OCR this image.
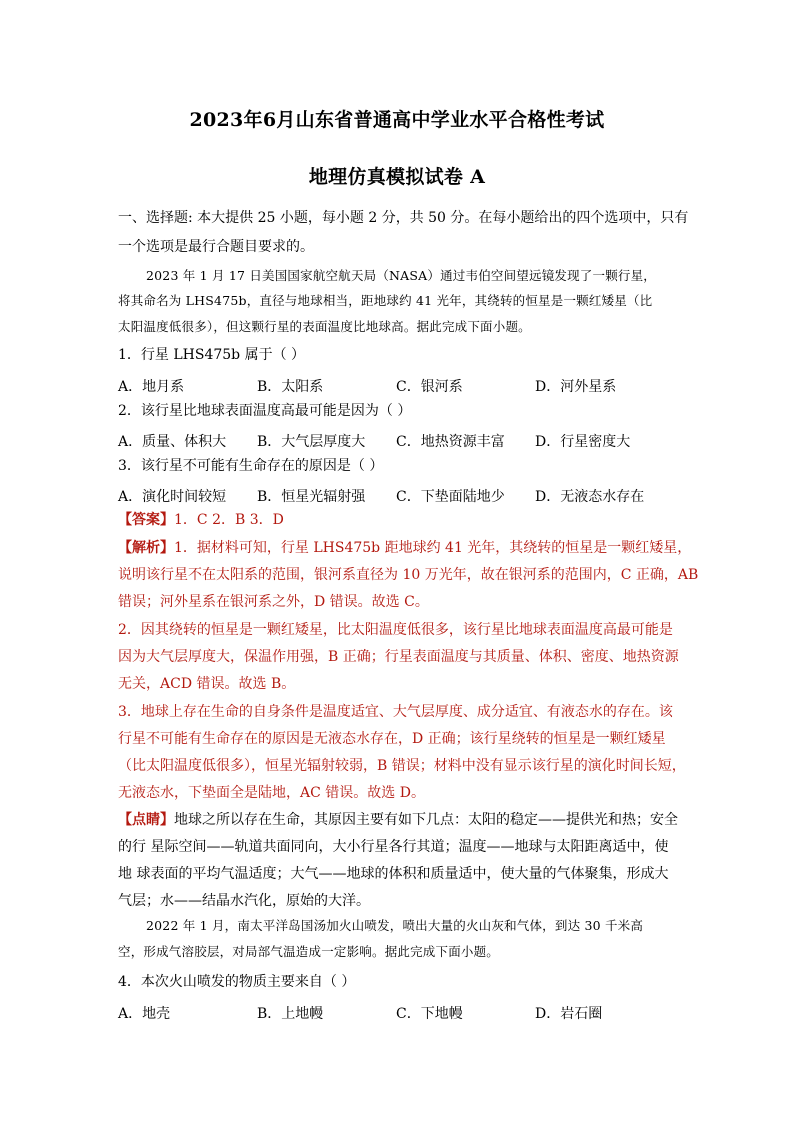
2023年6月山东省普通高中学业水平合格性考试
地理仿真模拟试卷 A
一、选择题: 本大提供 25 小题，每小题 2 分，共 50 分。在每小题给出的四个选项中，只有
一个选项是最行合题目要求的。
2023 年 1 月 17 日美国国家航空航天局（NASA）通过韦伯空间望远镜发现了一颗行星，
将其命名为 LHS475b，直径与地球相当，距地球约 41 光年，其绕转的恒星是一颗红矮星（比
太阳温度低很多），但这颗行星的表面温度比地球高。据此完成下面小题。
1．行星 LHS475b 属于（ ）
A．地月系	B．太阳系	C．银河系	D．河外星系
2．该行星比地球表面温度高最可能是因为（ ）
A．质量、体积大 B．大气层厚度大 C．地热资源丰富 D．行星密度大
3．该行星不可能有生命存在的原因是（ ）
A．演化时间较短 B．恒星光辐射强 C．下垫面陆地少 D．无液态水存在
【答案】1．C 2．B 3．D
【解析】1．据材料可知，行星 LHS475b 距地球约 41 光年，其绕转的恒星是一颗红矮星，
说明该行星不在太阳系的范围，银河系直径为 10 万光年，故在银河系的范围内，C 正确，AB
错误；河外星系在银河系之外，D 错误。故选 C。
2．因其绕转的恒星是一颗红矮星，比太阳温度低很多，该行星比地球表面温度高最可能是
因为大气层厚度大，保温作用强，B 正确；行星表面温度与其质量、体积、密度、地热资源
无关，ACD 错误。故选 B。
3．地球上存在生命的自身条件是温度适宜、大气层厚度、成分适宜、有液态水的存在。该
行星不可能有生命存在的原因是无液态水存在，D 正确；该行星绕转的恒星是一颗红矮星
（比太阳温度低很多），恒星光辐射较弱，B 错误；材料中没有显示该行星的演化时间长短，
无液态水，下垫面全是陆地，AC 错误。故选 D。
【点睛】地球之所以存在生命，其原因主要有如下几点：太阳的稳定——提供光和热；安全
的行 星际空间——轨道共面同向，大小行星各行其道；温度——地球与太阳距离适中，使
地 球表面的平均气温适度；大气——地球的体积和质量适中，使大量的气体聚集，形成大
气层；水——结晶水汽化，原始的大洋。
2022 年 1 月，南太平洋岛国汤加火山喷发，喷出大量的火山灰和气体，到达 30 千米高
空，形成气溶胶层，对局部气温造成一定影响。据此完成下面小题。
4．本次火山喷发的物质主要来自（ ）
A．地壳	B．上地幔	C．下地幔	D．岩石圈
